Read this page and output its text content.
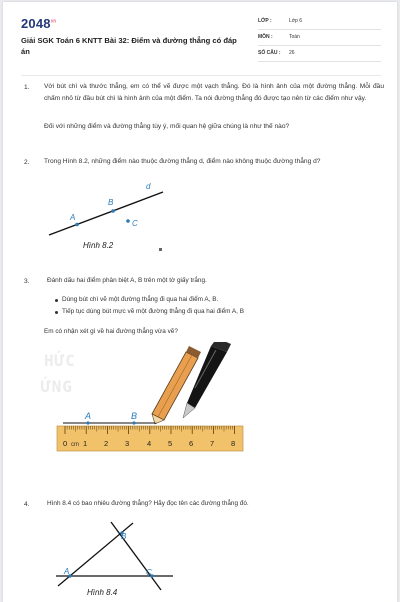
$2048^{vn}$
Giải SGK Toán 6 KNTT Bài 32: Điểm và đường thẳng có đáp án
LỚP :	Lớp 6
MÔN :	Toán
SỐ CÂU : 26
1. Với bút chì và thước thẳng, em có thể vẽ được một vạch thẳng. Đó là hình ảnh của một đường thẳng. Mỗi đầu chấm nhỏ từ đầu bút chì là hình ảnh của một điểm. Ta nói đường thẳng đó được tạo nên từ các điểm như vậy.
Đối với những điểm và đường thẳng tùy ý, mối quan hệ giữa chúng là như thế nào?
2. Trong Hình 8.2, những điểm nào thuộc đường thẳng d, điểm nào không thuộc đường thẳng d?
d
A
B
C
Hình 8.2
3.	Đánh dấu hai điểm phân biệt A, B trên một tờ giấy trắng.
Dùng bút chì vẽ một đường thẳng đi qua hai điểm A, B.
Tiếp tục dùng bút mực vẽ một đường thẳng đi qua hai điểm A, B
Em có nhận xét gì về hai đường thẳng vừa vẽ?
HỨC
ỨNG
A	B
cm
0 1 2 3 4 5 6 7 8
4.	Hình 8.4 có bao nhiêu đường thẳng? Hãy đọc tên các đường thẳng đó.
A
B
C
Hình 8.4
